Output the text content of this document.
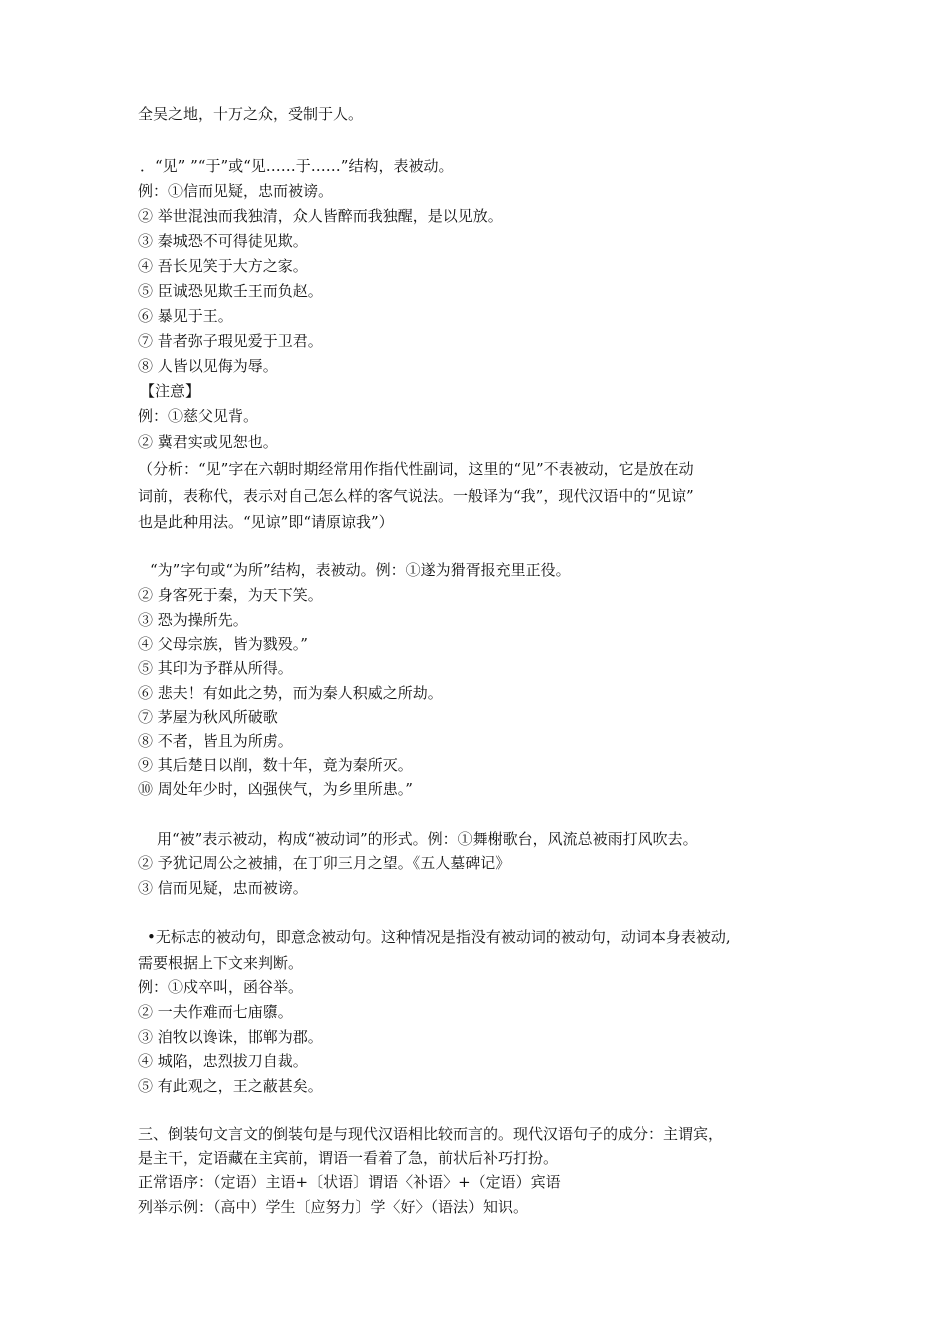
全吴之地，十万之众，受制于人。
．“见” ”“于”或“见……于……”结构，表被动。
例：①信而见疑，忠而被谤。
② 举世混浊而我独清，众人皆醉而我独醒，是以见放。
③ 秦城恐不可得徒见欺。
④ 吾长见笑于大方之家。
⑤ 臣诚恐见欺壬王而负赵。
⑥ 暴见于王。
⑦ 昔者弥子瑕见爱于卫君。
⑧ 人皆以见侮为辱。
【注意】
例：①慈父见背。
② 冀君实或见恕也。
（分析：“见”字在六朝时期经常用作指代性副词，这里的“见”不表被动，它是放在动
词前，表称代，表示对自己怎么样的客气说法。一般译为“我”，现代汉语中的“见谅”
也是此种用法。“见谅”即“请原谅我”）
“为”字句或“为所”结构，表被动。例：①遂为猾胥报充里正役。
② 身客死于秦，为天下笑。
③ 恐为操所先。
④ 父母宗族，皆为戮殁。”
⑤ 其印为予群从所得。
⑥ 悲夫！有如此之势，而为秦人积威之所劫。
⑦ 茅屋为秋风所破歌
⑧ 不者，皆且为所虏。
⑨ 其后楚日以削，数十年，竟为秦所灭。
⑩ 周处年少时，凶强侠气，为乡里所患。”
用“被”表示被动，构成“被动词”的形式。例：①舞榭歌台，风流总被雨打风吹去。
② 予犹记周公之被捕，在丁卯三月之望。《五人墓碑记》
③ 信而见疑，忠而被谤。
•无标志的被动句，即意念被动句。这种情况是指没有被动词的被动句，动词本身表被动,
需要根据上下文来判断。
例：①戍卒叫，函谷举。
② 一夫作难而七庙隳。
③ 洎牧以谗诛，邯郸为郡。
④ 城陷，忠烈拔刀自裁。
⑤ 有此观之，王之蔽甚矣。
三、倒装句文言文的倒装句是与现代汉语相比较而言的。现代汉语句子的成分：主谓宾，
是主干，定语藏在主宾前，谓语一看着了急，前状后补巧打扮。
正常语序：（定语）主语+〔状语〕谓语〈补语〉+（定语）宾语
列举示例：（高中）学生〔应努力〕学〈好〉（语法）知识。
